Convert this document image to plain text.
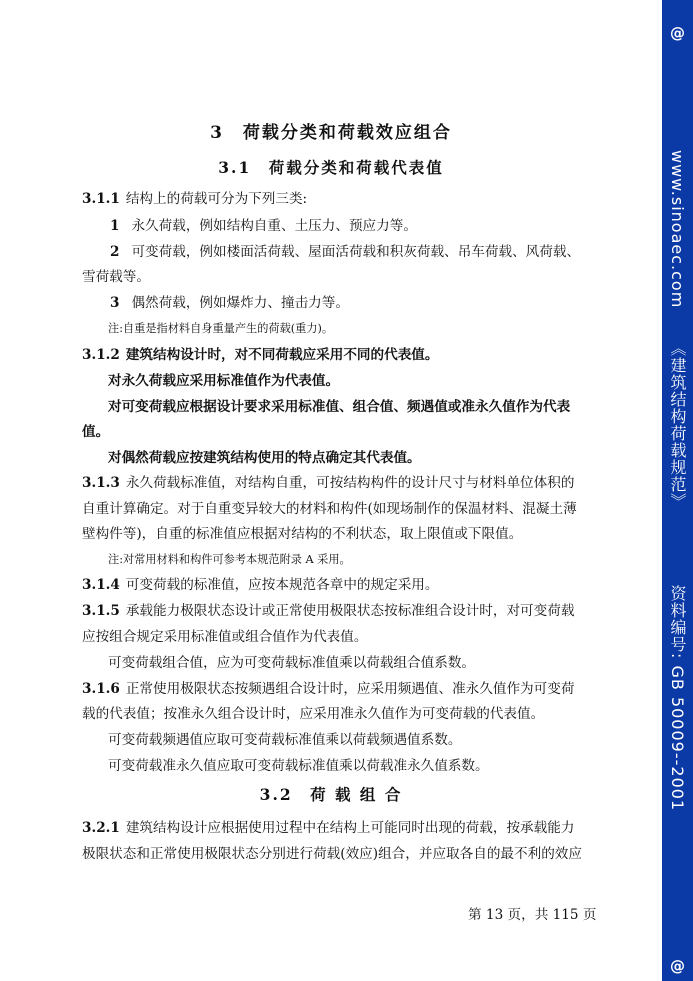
3　荷载分类和荷载效应组合
3.1　荷载分类和荷载代表值
3.1.1 结构上的荷载可分为下列三类:
1 永久荷载，例如结构自重、土压力、预应力等。
2 可变荷载，例如楼面活荷载、屋面活荷载和积灰荷载、吊车荷载、风荷载、
雪荷载等。
3 偶然荷载，例如爆炸力、撞击力等。
注:自重是指材料自身重量产生的荷载(重力)。
3.1.2 建筑结构设计时，对不同荷载应采用不同的代表值。
对永久荷载应采用标准值作为代表值。
对可变荷载应根据设计要求采用标准值、组合值、频遇值或准永久值作为代表
值。
对偶然荷载应按建筑结构使用的特点确定其代表值。
3.1.3 永久荷载标准值，对结构自重，可按结构构件的设计尺寸与材料单位体积的
自重计算确定。对于自重变异较大的材料和构件(如现场制作的保温材料、混凝土薄
壁构件等)，自重的标准值应根据对结构的不利状态，取上限值或下限值。
注:对常用材料和构件可参考本规范附录 A 采用。
3.1.4 可变荷载的标准值，应按本规范各章中的规定采用。
3.1.5 承载能力极限状态设计或正常使用极限状态按标准组合设计时，对可变荷载
应按组合规定采用标准值或组合值作为代表值。
可变荷载组合值，应为可变荷载标准值乘以荷载组合值系数。
3.1.6 正常使用极限状态按频遇组合设计时，应采用频遇值、准永久值作为可变荷
载的代表值；按准永久组合设计时，应采用准永久值作为可变荷载的代表值。
可变荷载频遇值应取可变荷载标准值乘以荷载频遇值系数。
可变荷载准永久值应取可变荷载标准值乘以荷载准永久值系数。
3.2　荷 载 组 合
3.2.1 建筑结构设计应根据使用过程中在结构上可能同时出现的荷载，按承载能力
极限状态和正常使用极限状态分别进行荷载(效应)组合，并应取各自的最不利的效应
第 13 页，共 115 页
@
www.sinoaec.com
《建筑结构荷载规范》
资料编号: GB 50009--2001
@
